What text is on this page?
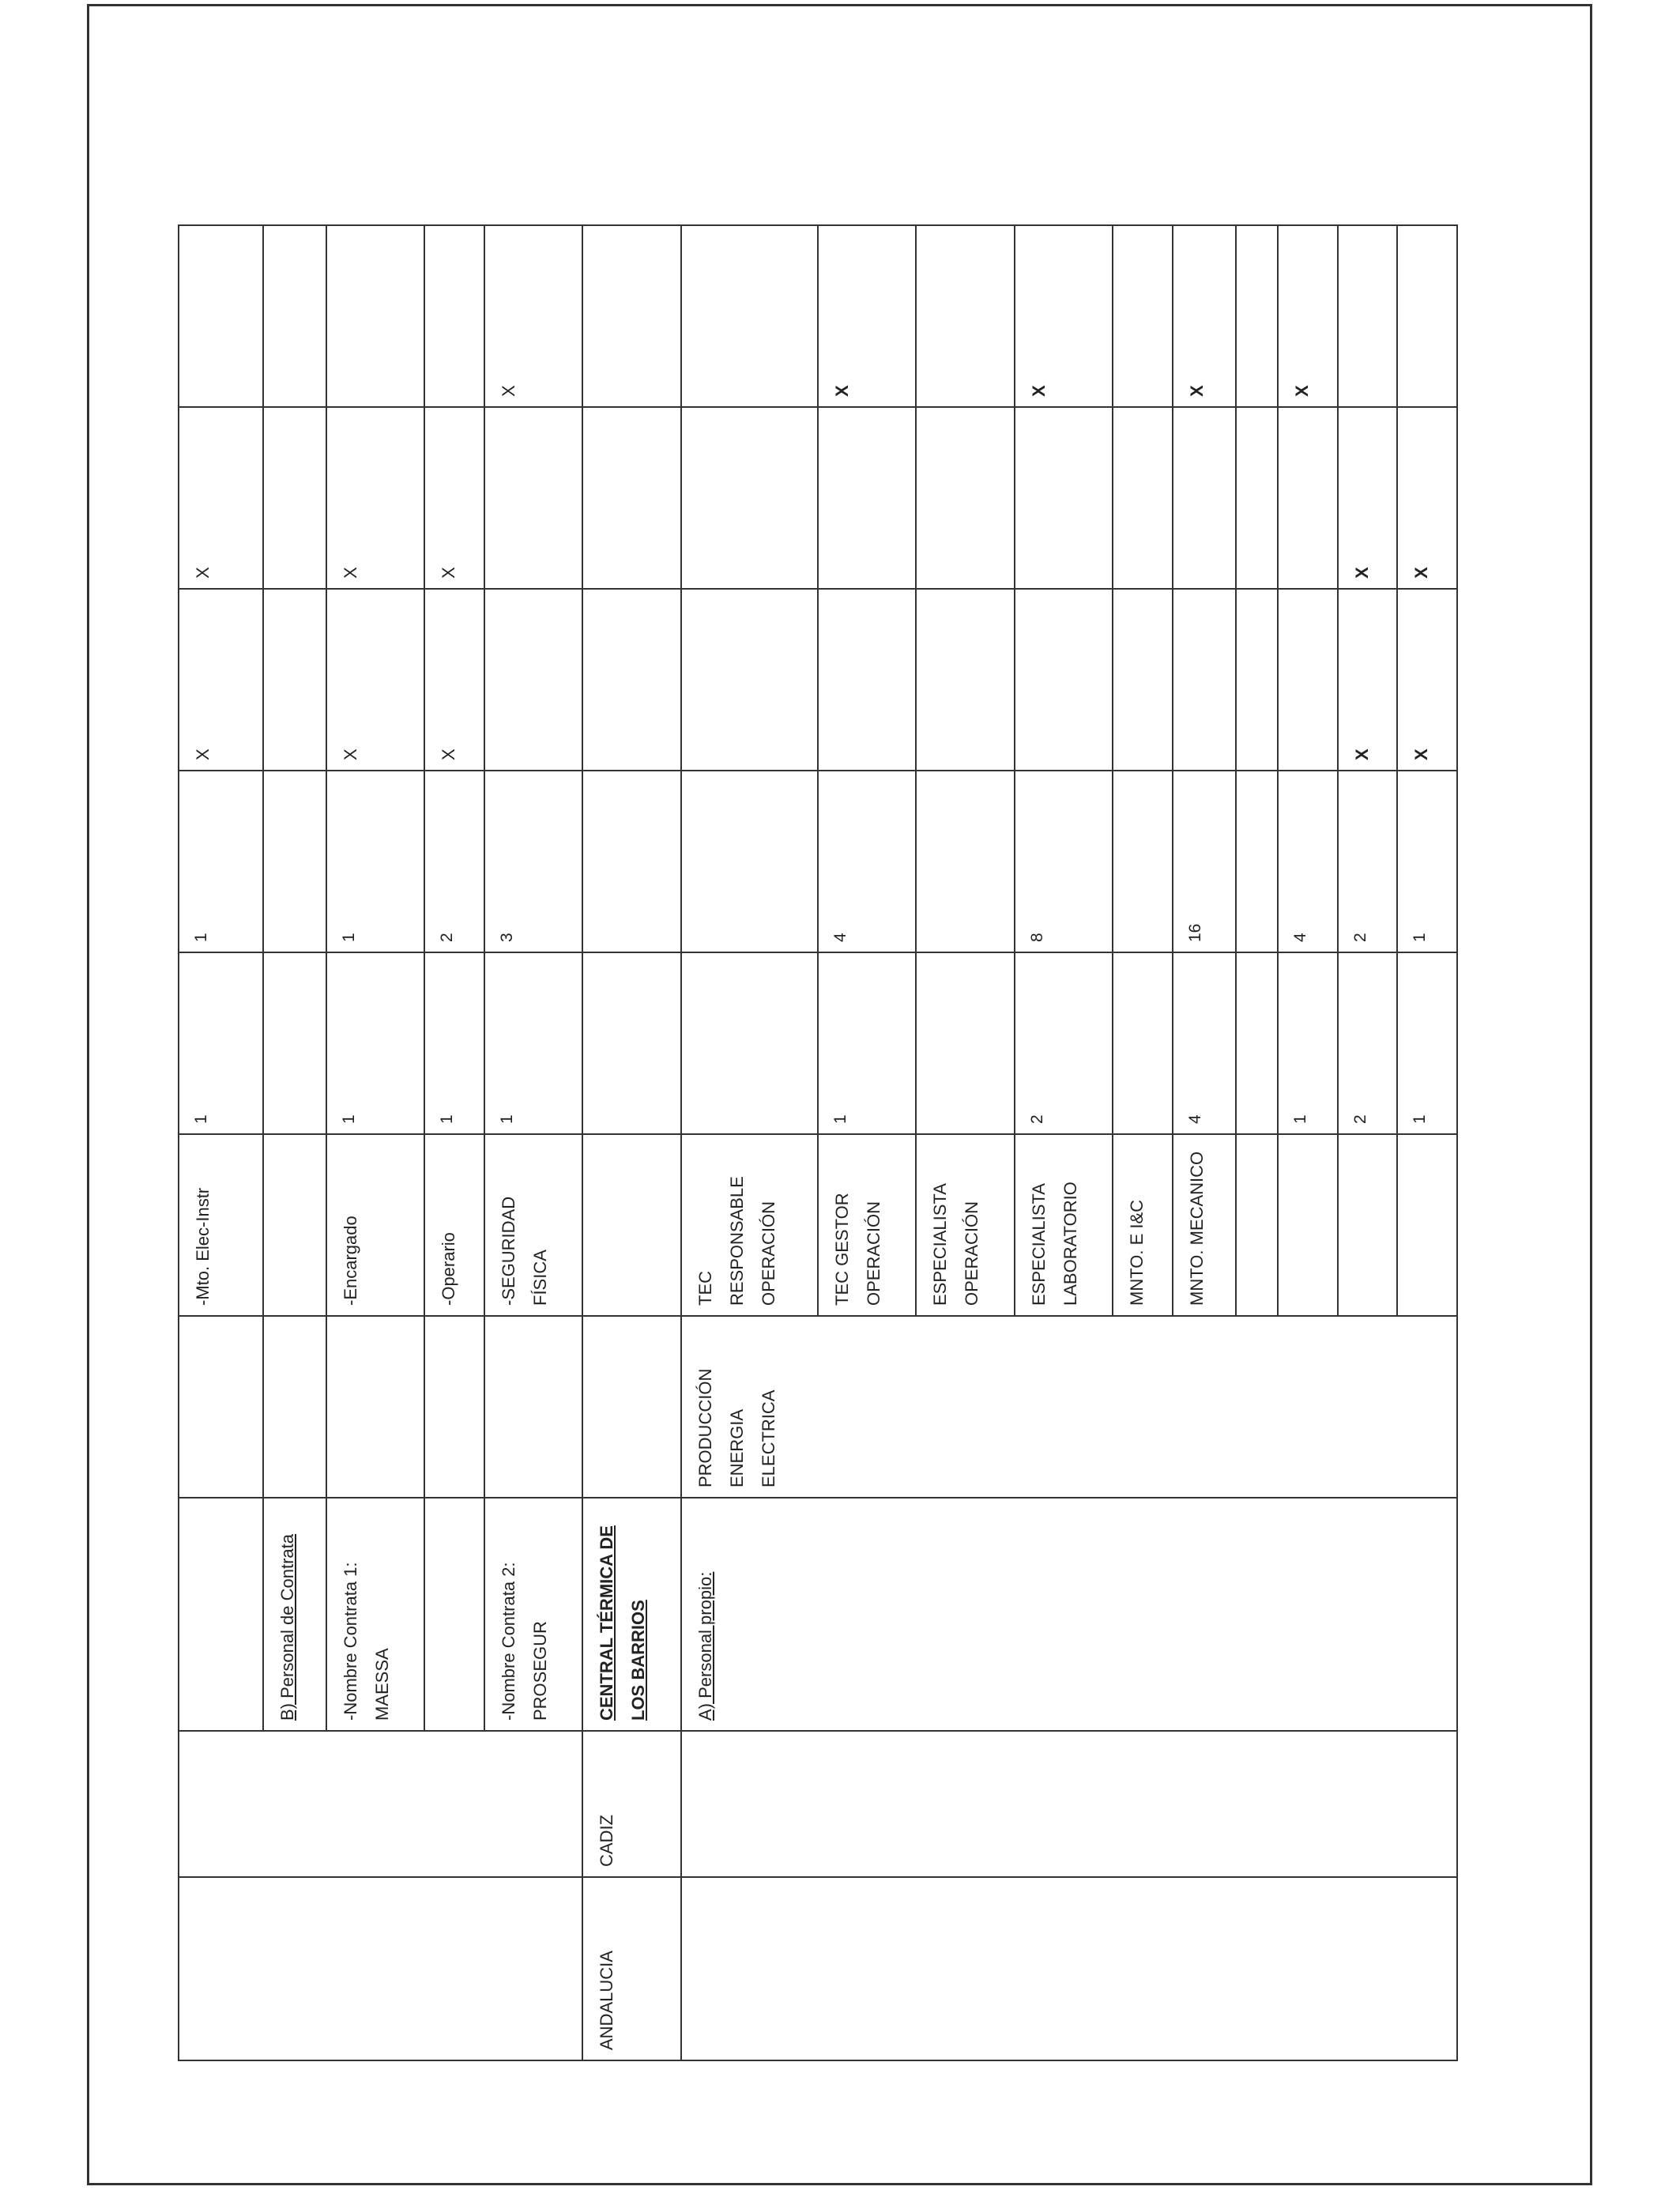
				-Mto. Elec-Instr	1	1	X	X	
		B) Personal de Contrata							
		-Nombre Contrata 1: MAESSA		-Encargado	1	1	X	X	
				-Operario	1	2	X	X	
		-Nombre Contrata 2: PROSEGUR		-SEGURIDAD FÍSICA	1	3			X
ANDALUCIA	CADIZ	CENTRAL TÉRMICA DE LOS BARRIOS							
		A) Personal propio:	PRODUCCIÓN ENERGIA ELECTRICA	TEC RESPONSABLE OPERACIÓN					
				TEC GESTOR OPERACIÓN	1	4			X
				ESPECIALISTA OPERACIÓN					
				ESPECIALISTA LABORATORIO	2	8			X
				MNTO. E I&C					
				MNTO. MECANICO	4	16			X

					1	4			X
					2	2	X	X	
					1	1	X	X	
